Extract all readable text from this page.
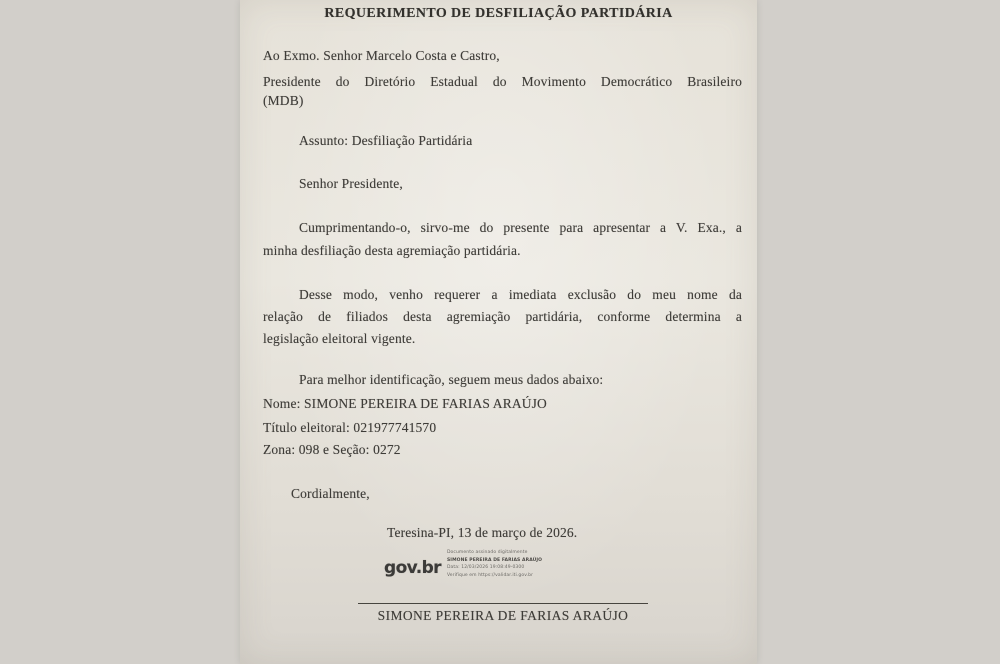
REQUERIMENTO DE DESFILIAÇÃO PARTIDÁRIA
Ao Exmo. Senhor Marcelo Costa e Castro,
Presidente do Diretório Estadual do Movimento Democrático Brasileiro
(MDB)
Assunto: Desfiliação Partidária
Senhor Presidente,
Cumprimentando-o, sirvo-me do presente para apresentar a V. Exa., a
minha desfiliação desta agremiação partidária.
Desse modo, venho requerer a imediata exclusão do meu nome da
relação de filiados desta agremiação partidária, conforme determina a
legislação eleitoral vigente.
Para melhor identificação, seguem meus dados abaixo:
Nome: SIMONE PEREIRA DE FARIAS ARAÚJO
Título eleitoral: 021977741570
Zona: 098 e Seção: 0272
Cordialmente,
Teresina-PI, 13 de março de 2026.
gov.br
Documento assinado digitalmente
SIMONE PEREIRA DE FARIAS ARAÚJO
Data: 12/03/2026 19:08:49-0300
Verifique em https://validar.iti.gov.br
SIMONE PEREIRA DE FARIAS ARAÚJO
